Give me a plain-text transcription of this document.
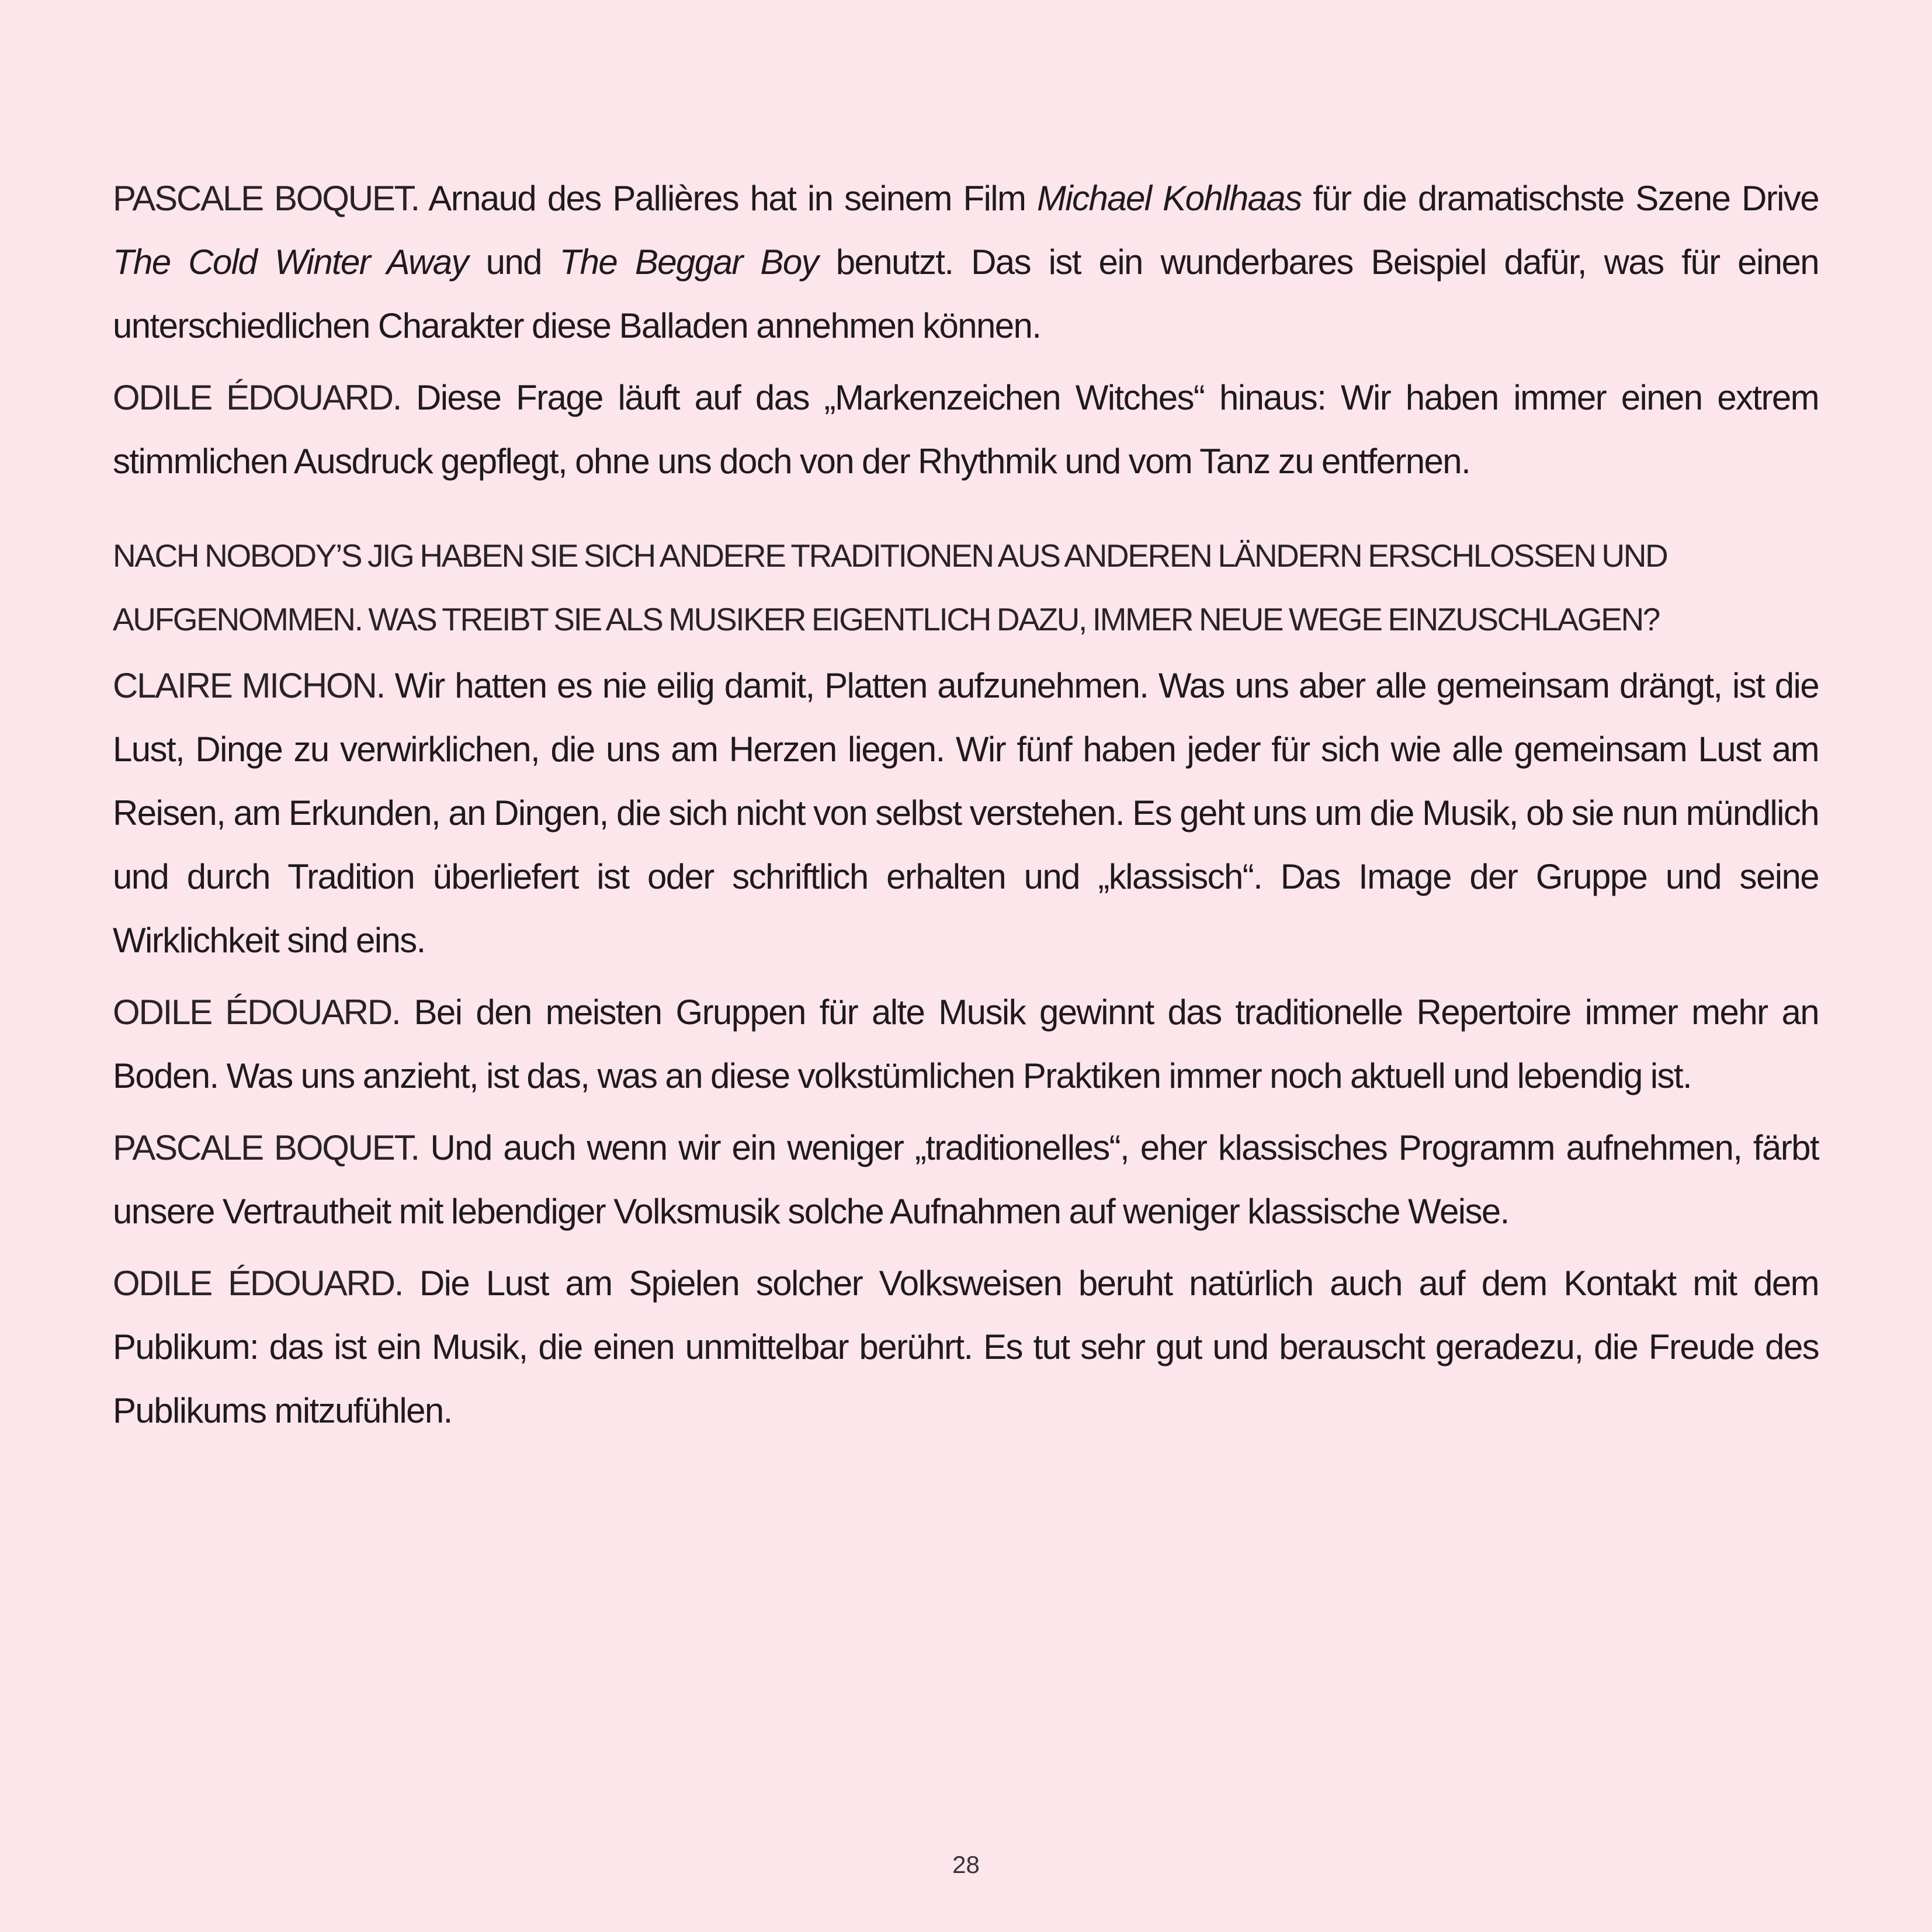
PASCALE BOQUET. Arnaud des Pallières hat in seinem Film Michael Kohlhaas für die dramatischste Szene Drive The Cold Winter Away und The Beggar Boy benutzt. Das ist ein wunderbares Beispiel dafür, was für einen unterschiedlichen Charakter diese Balladen annehmen können.

ODILE ÉDOUARD. Diese Frage läuft auf das „Markenzeichen Witches“ hinaus: Wir haben immer einen extrem stimmlichen Ausdruck gepflegt, ohne uns doch von der Rhythmik und vom Tanz zu entfernen.

NACH NOBODY’S JIG HABEN SIE SICH ANDERE TRADITIONEN AUS ANDEREN LÄNDERN ERSCHLOSSEN UND AUFGENOMMEN. WAS TREIBT SIE ALS MUSIKER EIGENTLICH DAZU, IMMER NEUE WEGE EINZUSCHLAGEN?

CLAIRE MICHON. Wir hatten es nie eilig damit, Platten aufzunehmen. Was uns aber alle gemeinsam drängt, ist die Lust, Dinge zu verwirklichen, die uns am Herzen liegen. Wir fünf haben jeder für sich wie alle gemeinsam Lust am Reisen, am Erkunden, an Dingen, die sich nicht von selbst verstehen. Es geht uns um die Musik, ob sie nun mündlich und durch Tradition überliefert ist oder schriftlich erhalten und „klassisch“. Das Image der Gruppe und seine Wirklichkeit sind eins.

ODILE ÉDOUARD. Bei den meisten Gruppen für alte Musik gewinnt das traditionelle Repertoire immer mehr an Boden. Was uns anzieht, ist das, was an diese volkstümlichen Praktiken immer noch aktuell und lebendig ist.

PASCALE BOQUET. Und auch wenn wir ein weniger „traditionelles“, eher klassisches Programm aufnehmen, färbt unsere Vertrautheit mit lebendiger Volksmusik solche Aufnahmen auf weniger klassische Weise.

ODILE ÉDOUARD. Die Lust am Spielen solcher Volksweisen beruht natürlich auch auf dem Kontakt mit dem Publikum: das ist ein Musik, die einen unmittelbar berührt. Es tut sehr gut und berauscht geradezu, die Freude des Publikums mitzufühlen.

28
